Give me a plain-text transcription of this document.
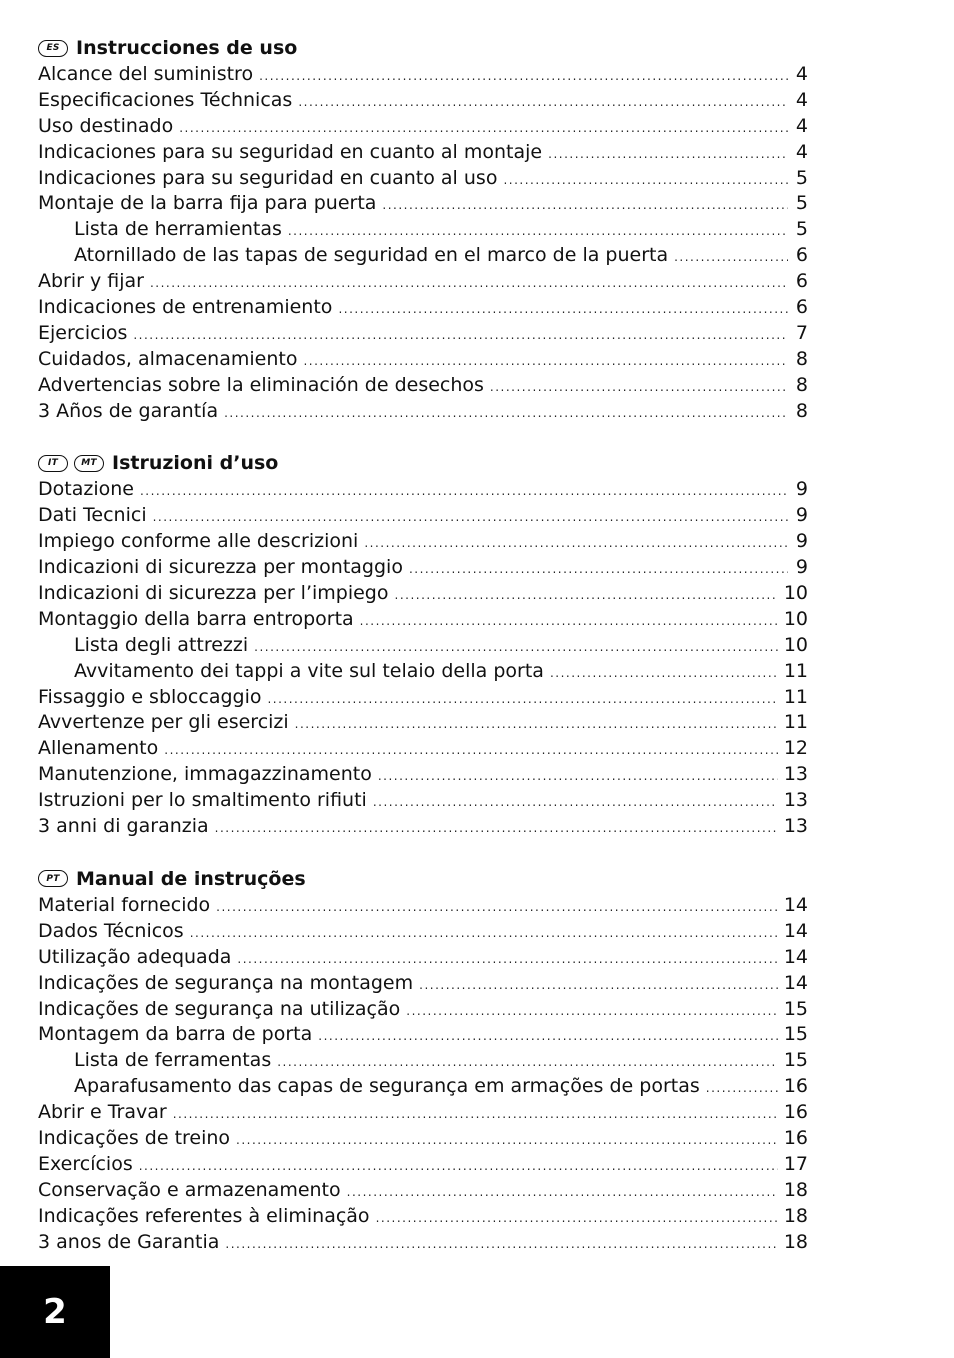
ES Instrucciones de uso
Alcance del suministro .....	4
Especificaciones Téchnicas .....	4
Uso destinado .....	4
Indicaciones para su seguridad en cuanto al montaje .....	4
Indicaciones para su seguridad en cuanto al uso .....	5
Montaje de la barra fija para puerta .....	5
Lista de herramientas .....	5
Atornillado de las tapas de seguridad en el marco de la puerta .....	6
Abrir y fijar .....	6
Indicaciones de entrenamiento .....	6
Ejercicios .....	7
Cuidados, almacenamiento .....	8
Advertencias sobre la eliminación de desechos .....	8
3 Años de garantía .....	8
IT	MT Istruzioni d’uso
Dotazione .....	9
Dati Tecnici .....	9
Impiego conforme alle descrizioni .....	9
Indicazioni di sicurezza per montaggio .....	9
Indicazioni di sicurezza per l’impiego .....	10
Montaggio della barra entroporta .....	10
Lista degli attrezzi .....	10
Avvitamento dei tappi a vite sul telaio della porta .....	11
Fissaggio e sbloccaggio .....	11
Avvertenze per gli esercizi .....	11
Allenamento .....	12
Manutenzione, immagazzinamento .....	13
Istruzioni per lo smaltimento rifiuti .....	13
3 anni di garanzia .....	13
PT Manual de instruções
Material fornecido .....	14
Dados Técnicos .....	14
Utilização adequada .....	14
Indicações de segurança na montagem .....	14
Indicações de segurança na utilização .....	15
Montagem da barra de porta .....	15
Lista de ferramentas .....	15
Aparafusamento das capas de segurança em armações de portas .....	16
Abrir e Travar .....	16
Indicações de treino .....	16
Exercícios .....	17
Conservação e armazenamento .....	18
Indicações referentes à eliminação .....	18
3 anos de Garantia .....	18
2
